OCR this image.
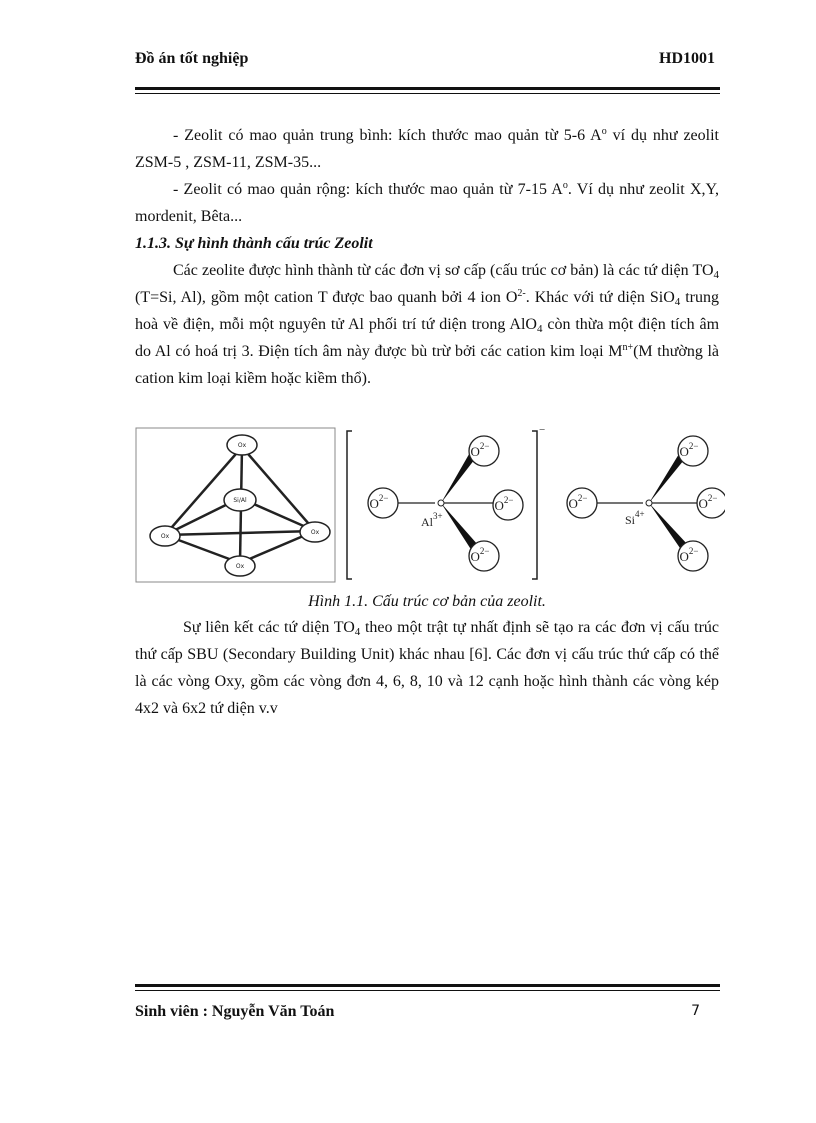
Đồ án tốt nghiệp	HD1001

- Zeolit có mao quản trung bình: kích thước mao quản từ 5-6 $A^o$ ví dụ như zeolit ZSM-5 , ZSM-11, ZSM-35...

- Zeolit có mao quản rộng: kích thước mao quản từ 7-15 $A^o$. Ví dụ như zeolit X,Y, mordenit, Bêta...

1.1.3. Sự hình thành cấu trúc Zeolit

Các zeolite được hình thành từ các đơn vị sơ cấp (cấu trúc cơ bản) là các tứ diện $TO_4$ (T=Si, Al), gồm một cation T được bao quanh bởi 4 ion $O^{2-}$. Khác với tứ diện SiO$_4$ trung hoà về điện, mỗi một nguyên tử Al phối trí tứ diện trong AlO$_4$ còn thừa một điện tích âm do Al có hoá trị 3. Điện tích âm này được bù trừ bởi các cation kim loại $M^{n+}(M$ thường là cation kim loại kiềm hoặc kiềm thổ).

Ox
Si/Al
Ox
Ox
Ox
−
$O^{2-}$
$O^{2-}$	$O^{2-}$
$O^{2-}$
$Al^{3+}$
$O^{2-}$
$O^{2-}$	$O^{2-}$
$O^{2-}$
$Si^{4+}$
Hình 1.1. Cấu trúc cơ bản của zeolit.

Sự liên kết các tứ diện $TO_4$ theo một trật tự nhất định sẽ tạo ra các đơn vị cấu trúc thứ cấp SBU (Secondary Building Unit) khác nhau [6]. Các đơn vị cấu trúc thứ cấp có thể là các vòng Oxy, gồm các vòng đơn 4, 6, 8, 10 và 12 cạnh hoặc hình thành các vòng kép 4x2 và 6x2 tứ diện v.v

Sinh viên : Nguyễn Văn Toán	7
